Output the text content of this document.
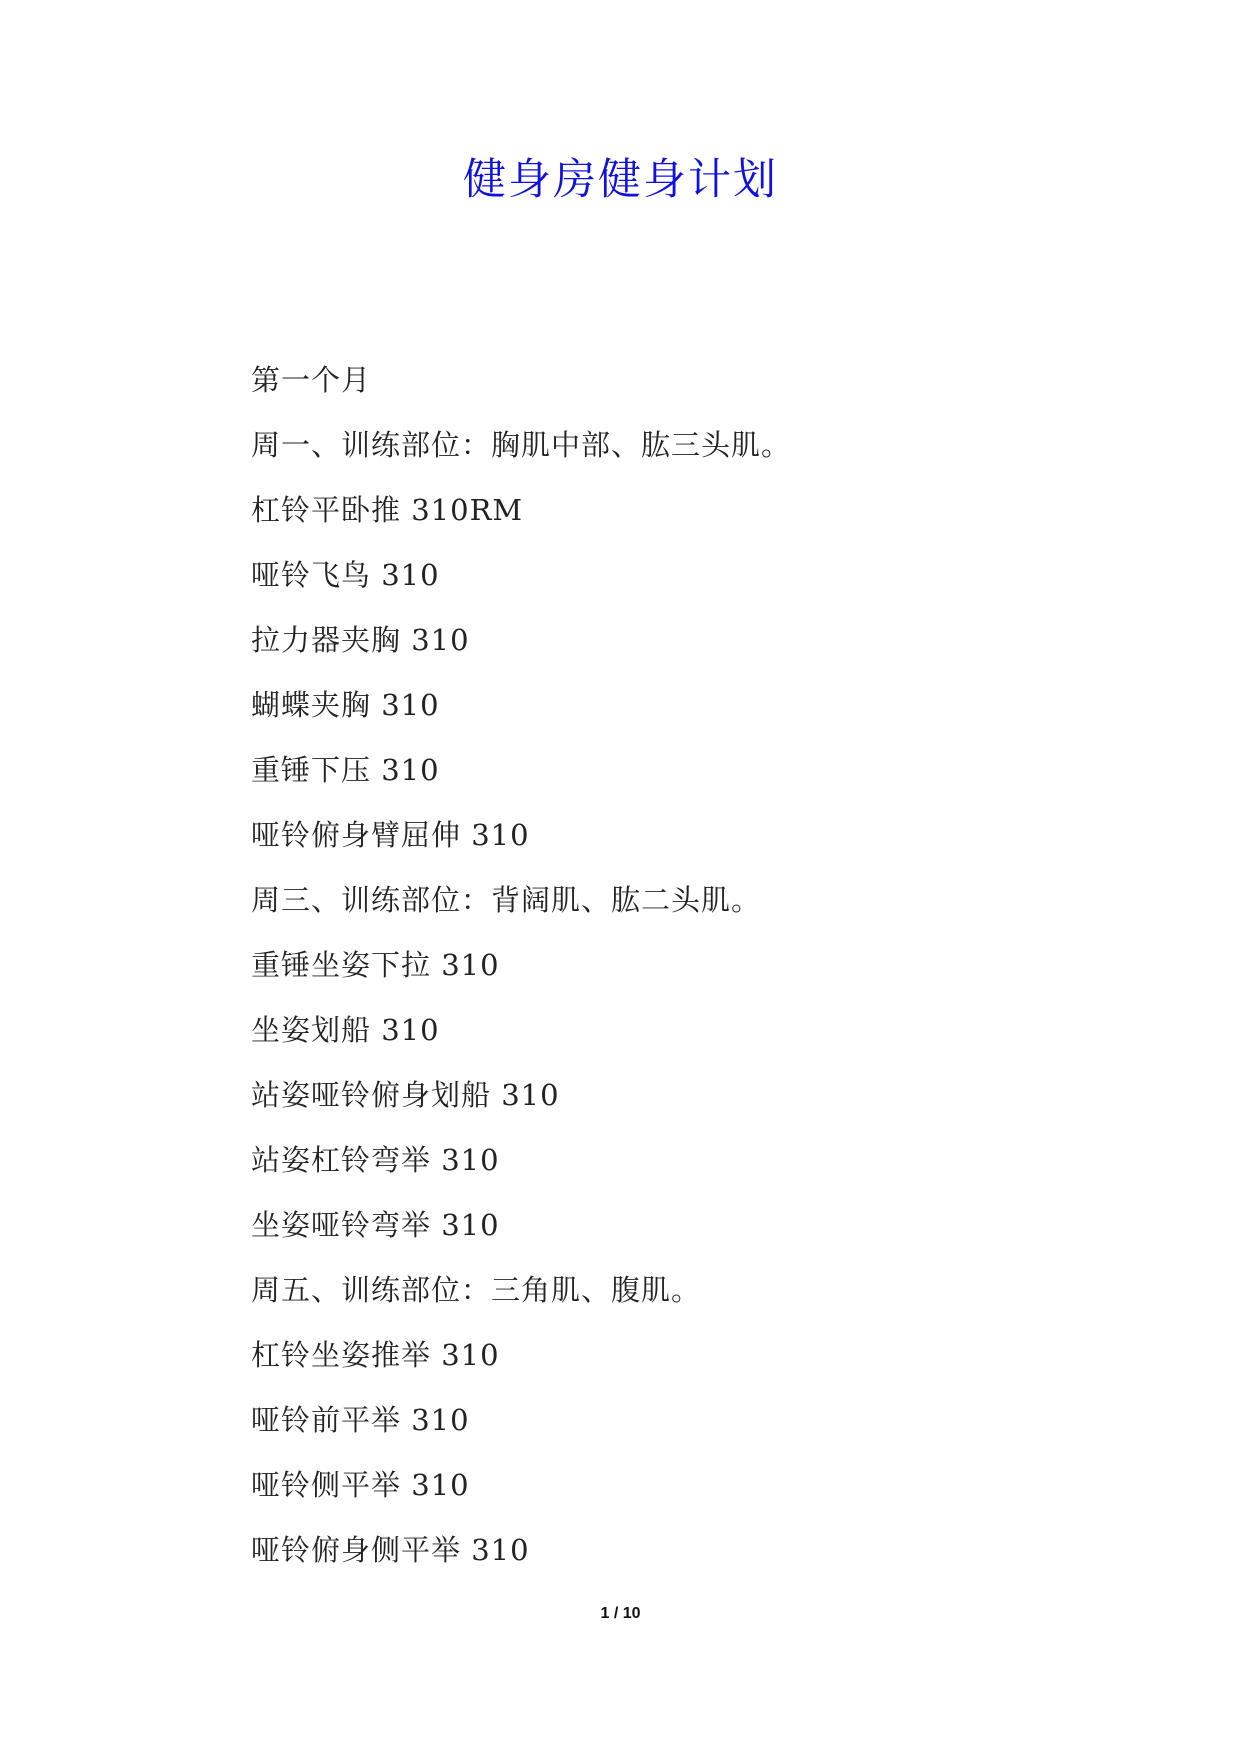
健身房健身计划
第一个月
周一、训练部位：胸肌中部、肱三头肌。
杠铃平卧推 310RM
哑铃飞鸟 310
拉力器夹胸 310
蝴蝶夹胸 310
重锤下压 310
哑铃俯身臂屈伸 310
周三、训练部位：背阔肌、肱二头肌。
重锤坐姿下拉 310
坐姿划船 310
站姿哑铃俯身划船 310
站姿杠铃弯举 310
坐姿哑铃弯举 310
周五、训练部位：三角肌、腹肌。
杠铃坐姿推举 310
哑铃前平举 310
哑铃侧平举 310
哑铃俯身侧平举 310
1 / 10
